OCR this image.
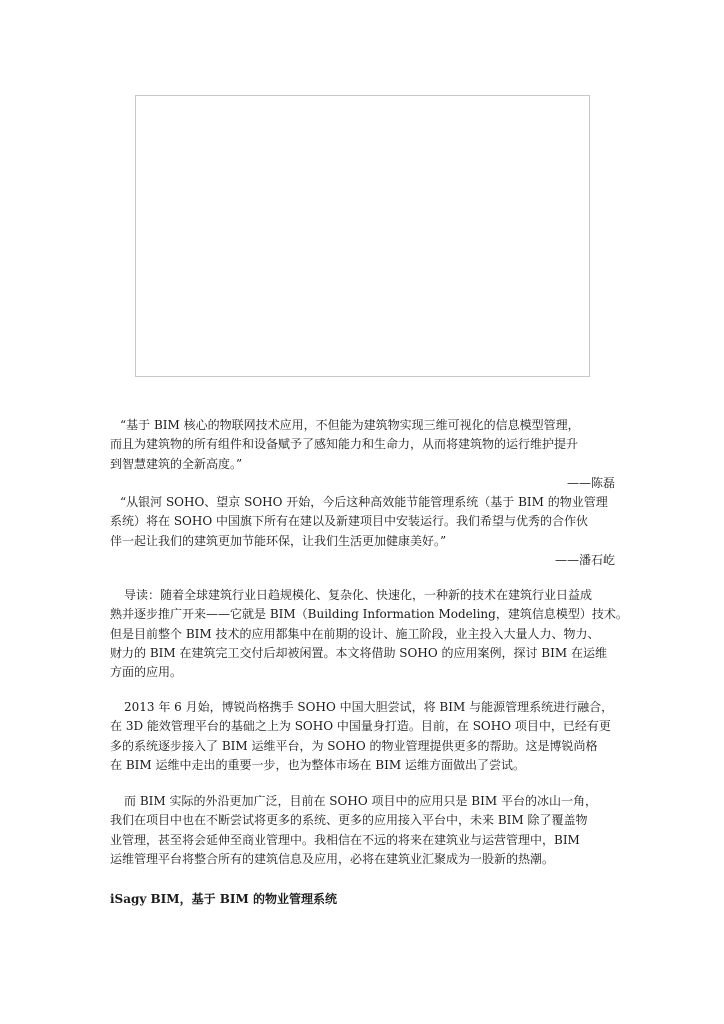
“基于 BIM 核心的物联网技术应用，不但能为建筑物实现三维可视化的信息模型管理，
而且为建筑物的所有组件和设备赋予了感知能力和生命力，从而将建筑物的运行维护提升
到智慧建筑的全新高度。”
——陈磊
“从银河 SOHO、望京 SOHO 开始，今后这种高效能节能管理系统（基于 BIM 的物业管理
系统）将在 SOHO 中国旗下所有在建以及新建项目中安装运行。我们希望与优秀的合作伙
伴一起让我们的建筑更加节能环保，让我们生活更加健康美好。”
——潘石屹
导读：随着全球建筑行业日趋规模化、复杂化、快速化，一种新的技术在建筑行业日益成
熟并逐步推广开来——它就是 BIM（Building Information Modeling，建筑信息模型）技术。
但是目前整个 BIM 技术的应用都集中在前期的设计、施工阶段，业主投入大量人力、物力、
财力的 BIM 在建筑完工交付后却被闲置。本文将借助 SOHO 的应用案例，探讨 BIM 在运维
方面的应用。
2013 年 6 月始，博锐尚格携手 SOHO 中国大胆尝试，将 BIM 与能源管理系统进行融合，
在 3D 能效管理平台的基础之上为 SOHO 中国量身打造。目前，在 SOHO 项目中，已经有更
多的系统逐步接入了 BIM 运维平台，为 SOHO 的物业管理提供更多的帮助。这是博锐尚格
在 BIM 运维中走出的重要一步，也为整体市场在 BIM 运维方面做出了尝试。
而 BIM 实际的外沿更加广泛，目前在 SOHO 项目中的应用只是 BIM 平台的冰山一角，
我们在项目中也在不断尝试将更多的系统、更多的应用接入平台中，未来 BIM 除了覆盖物
业管理，甚至将会延伸至商业管理中。我相信在不远的将来在建筑业与运营管理中，BIM
运维管理平台将整合所有的建筑信息及应用，必将在建筑业汇聚成为一股新的热潮。
iSagy BIM，基于 BIM 的物业管理系统
